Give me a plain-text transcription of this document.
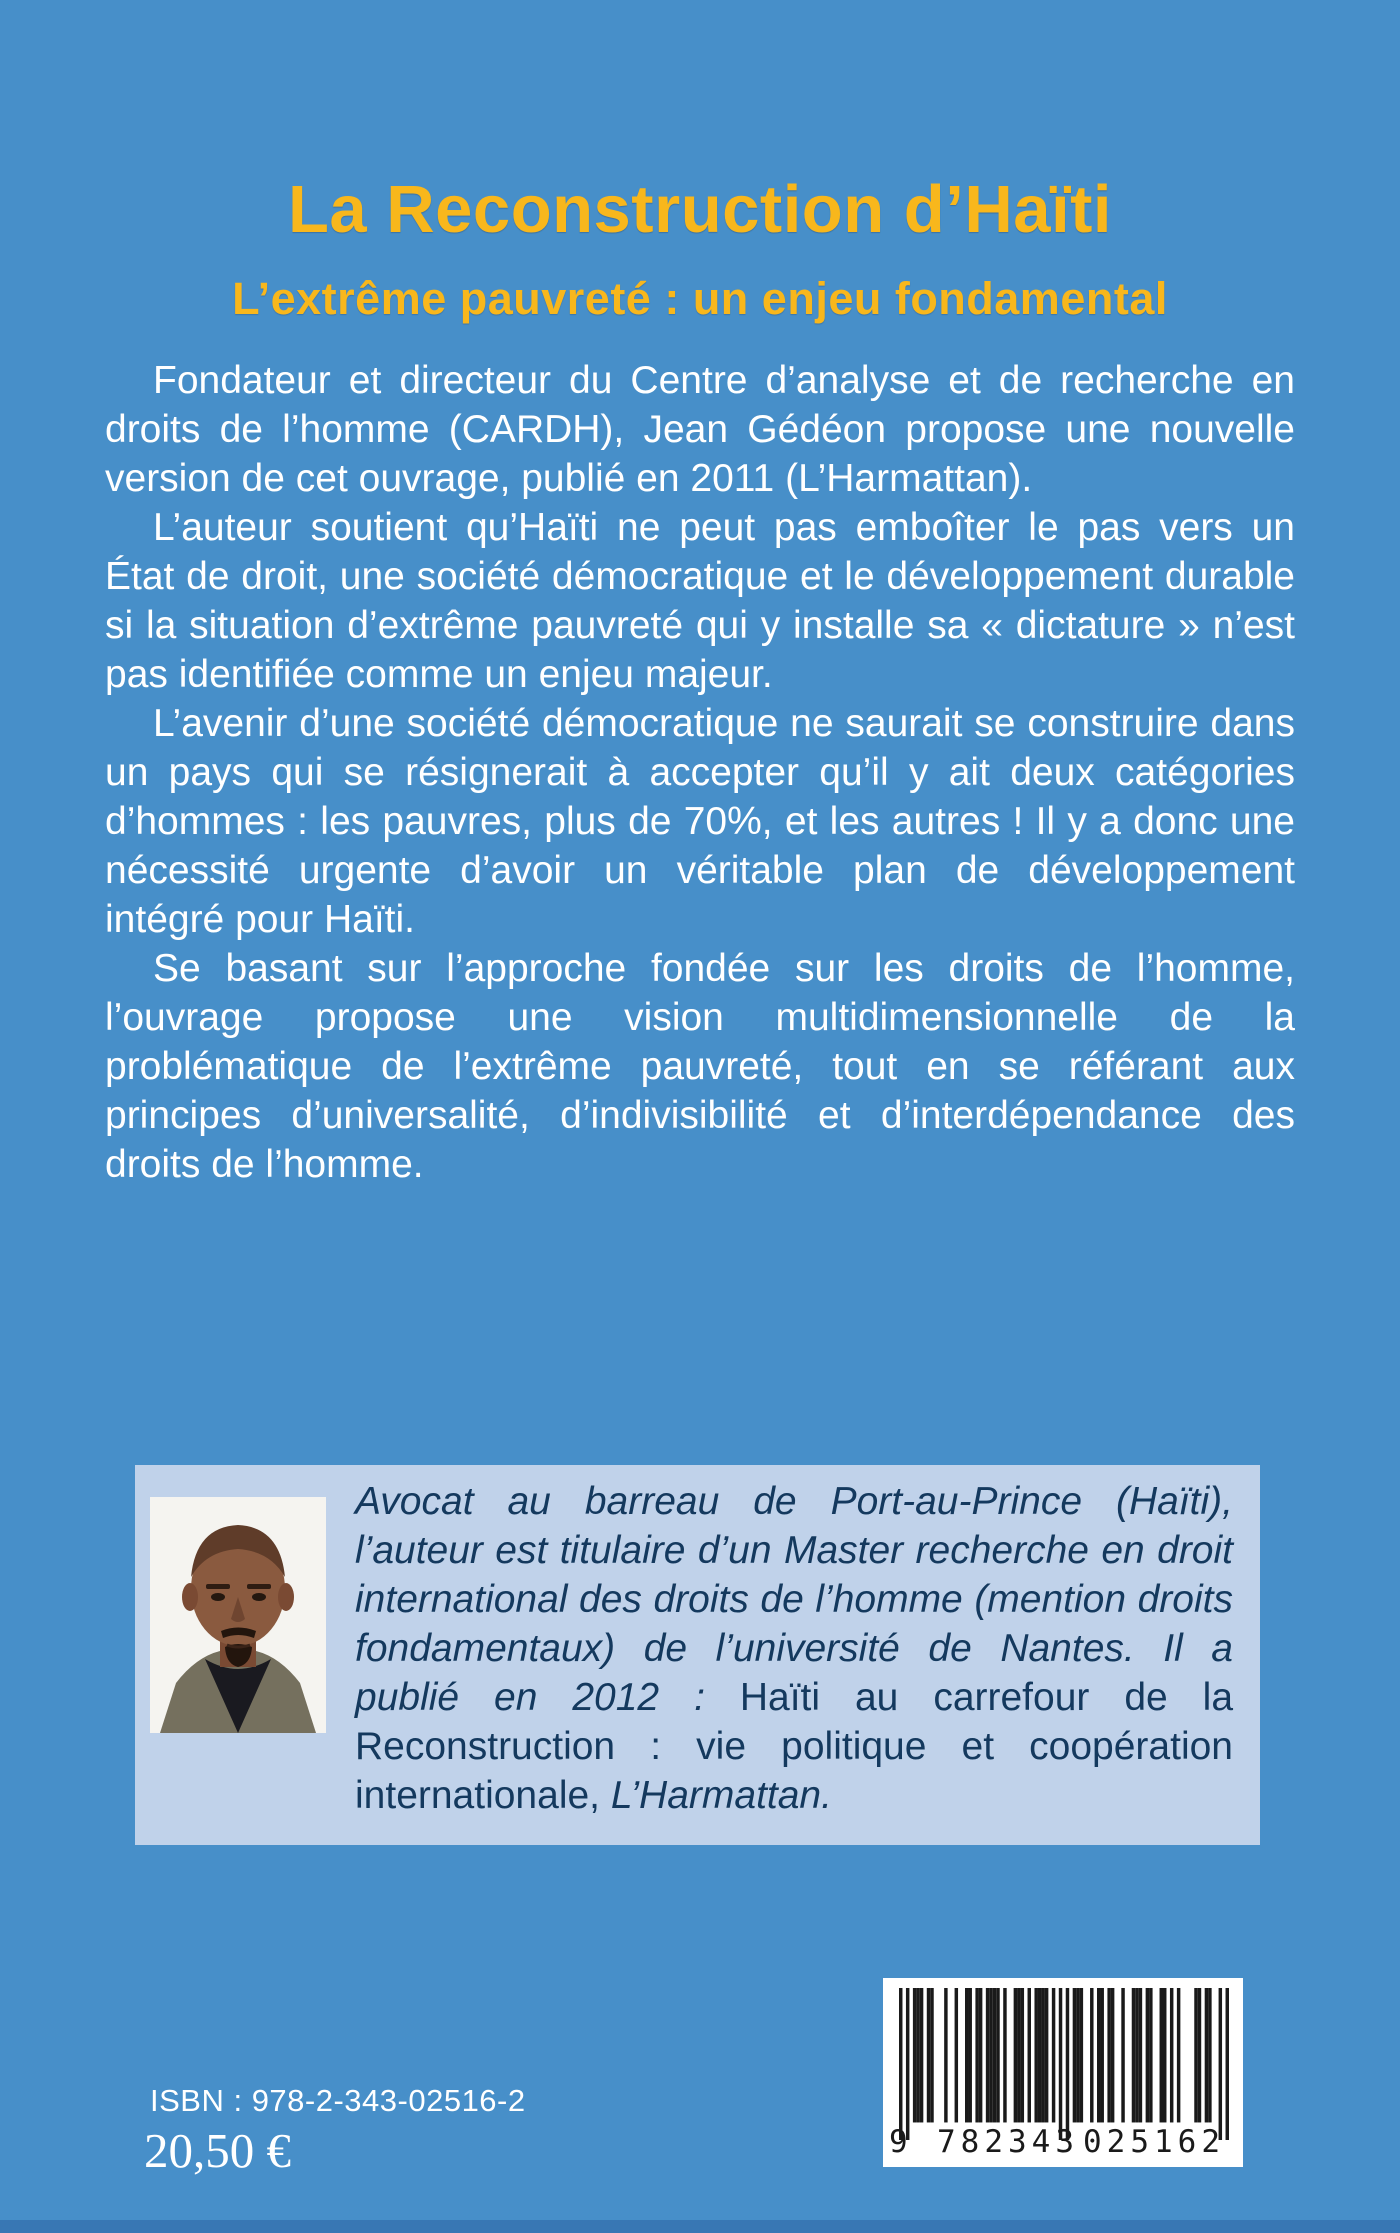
La Reconstruction d’Haïti
L’extrême pauvreté : un enjeu fondamental

Fondateur et directeur du Centre d’analyse et de recherche en droits de l’homme (CARDH), Jean Gédéon propose une nouvelle version de cet ouvrage, publié en 2011 (L’Harmattan).

L’auteur soutient qu’Haïti ne peut pas emboîter le pas vers un État de droit, une société démocratique et le développement durable si la situation d’extrême pauvreté qui y installe sa « dictature » n’est pas identifiée comme un enjeu majeur.

L’avenir d’une société démocratique ne saurait se construire dans un pays qui se résignerait à accepter qu’il y ait deux catégories d’hommes : les pauvres, plus de 70%, et les autres ! Il y a donc une nécessité urgente d’avoir un véritable plan de développement intégré pour Haïti.

Se basant sur l’approche fondée sur les droits de l’homme, l’ouvrage propose une vision multidimensionnelle de la problématique de l’extrême pauvreté, tout en se référant aux principes d’universalité, d’indivisibilité et d’interdépendance des droits de l’homme.

Avocat au barreau de Port-au-Prince (Haïti), l’auteur est titulaire d’un Master recherche en droit international des droits de l’homme (mention droits fondamentaux) de l’université de Nantes. Il a publié en 2012 : Haïti au carrefour de la Reconstruction : vie politique et coopération internationale, L’Harmattan.

9 782343 025162
ISBN : 978-2-343-02516-2
20,50 €
